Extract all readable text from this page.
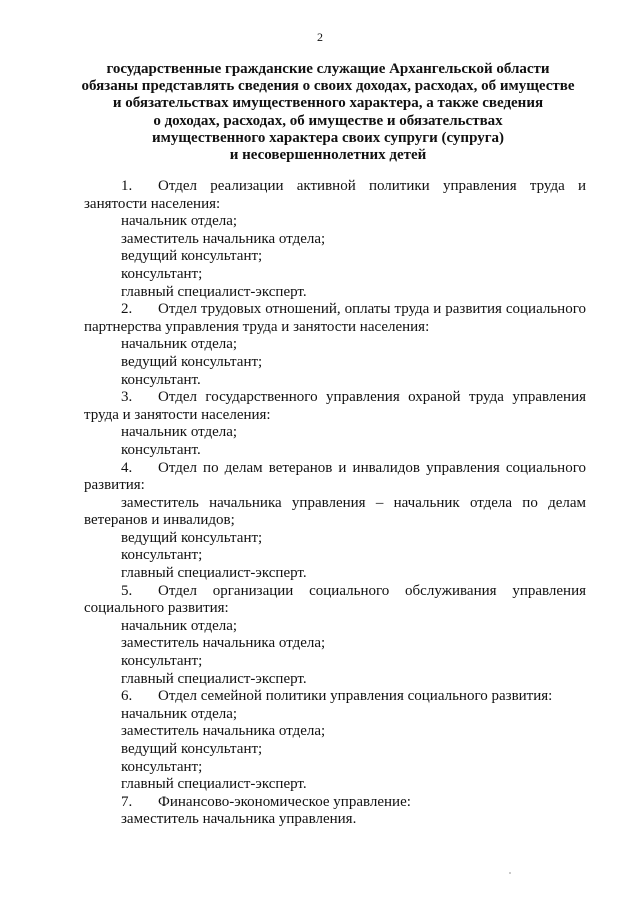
2
государственные гражданские служащие Архангельской области
обязаны представлять сведения о своих доходах, расходах, об имуществе
и обязательствах имущественного характера, а также сведения
о доходах, расходах, об имуществе и обязательствах
имущественного характера своих супруги (супруга)
и несовершеннолетних детей
1. Отдел реализации активной политики управления труда и занятости населения:
начальник отдела;
заместитель начальника отдела;
ведущий консультант;
консультант;
главный специалист-эксперт.
2. Отдел трудовых отношений, оплаты труда и развития социального партнерства управления труда и занятости населения:
начальник отдела;
ведущий консультант;
консультант.
3. Отдел государственного управления охраной труда управления труда и занятости населения:
начальник отдела;
консультант.
4. Отдел по делам ветеранов и инвалидов управления социального развития:
заместитель начальника управления – начальник отдела по делам ветеранов и инвалидов;
ведущий консультант;
консультант;
главный специалист-эксперт.
5. Отдел организации социального обслуживания управления социального развития:
начальник отдела;
заместитель начальника отдела;
консультант;
главный специалист-эксперт.
6. Отдел семейной политики управления социального развития:
начальник отдела;
заместитель начальника отдела;
ведущий консультант;
консультант;
главный специалист-эксперт.
7. Финансово-экономическое управление:
заместитель начальника управления.
